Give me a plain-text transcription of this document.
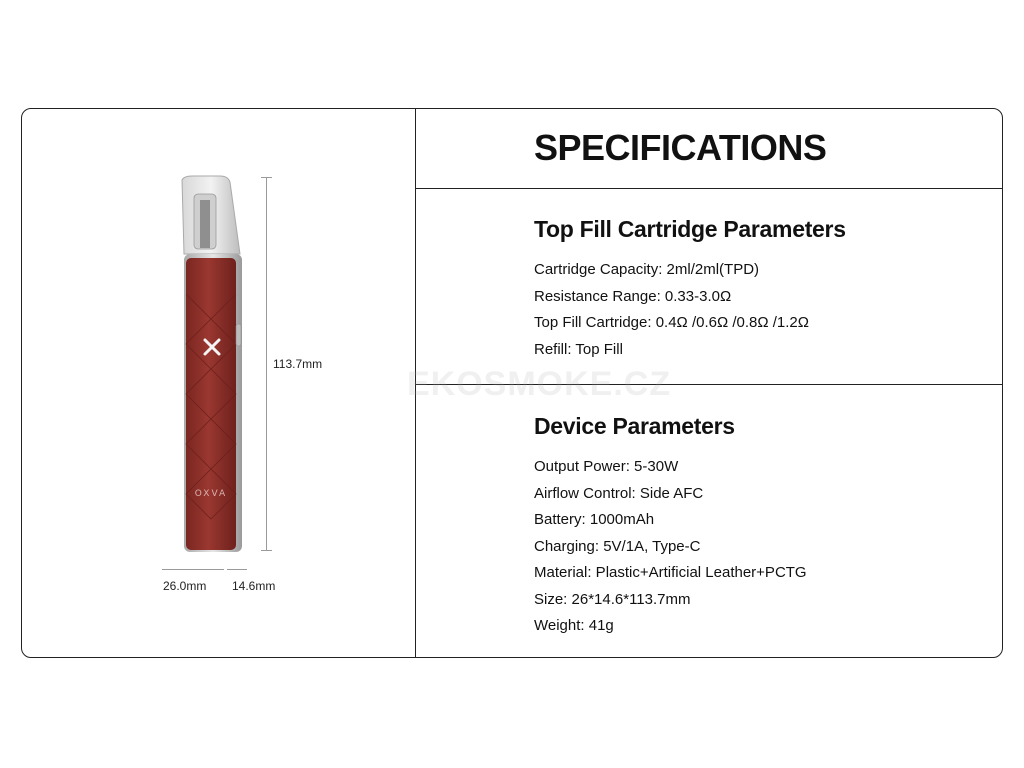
SPECIFICATIONS
Top Fill Cartridge Parameters
Cartridge Capacity: 2ml/2ml(TPD)
Resistance Range: 0.33-3.0Ω
Top Fill Cartridge: 0.4Ω /0.6Ω /0.8Ω /1.2Ω
Refill: Top Fill
Device Parameters
Output Power: 5-30W
Airflow Control: Side AFC
Battery: 1000mAh
Charging: 5V/1A, Type-C
Material: Plastic+Artificial Leather+PCTG
Size: 26*14.6*113.7mm
Weight: 41g
EKOSMOKE.CZ
OXVA
113.7mm
26.0mm 14.6mm
